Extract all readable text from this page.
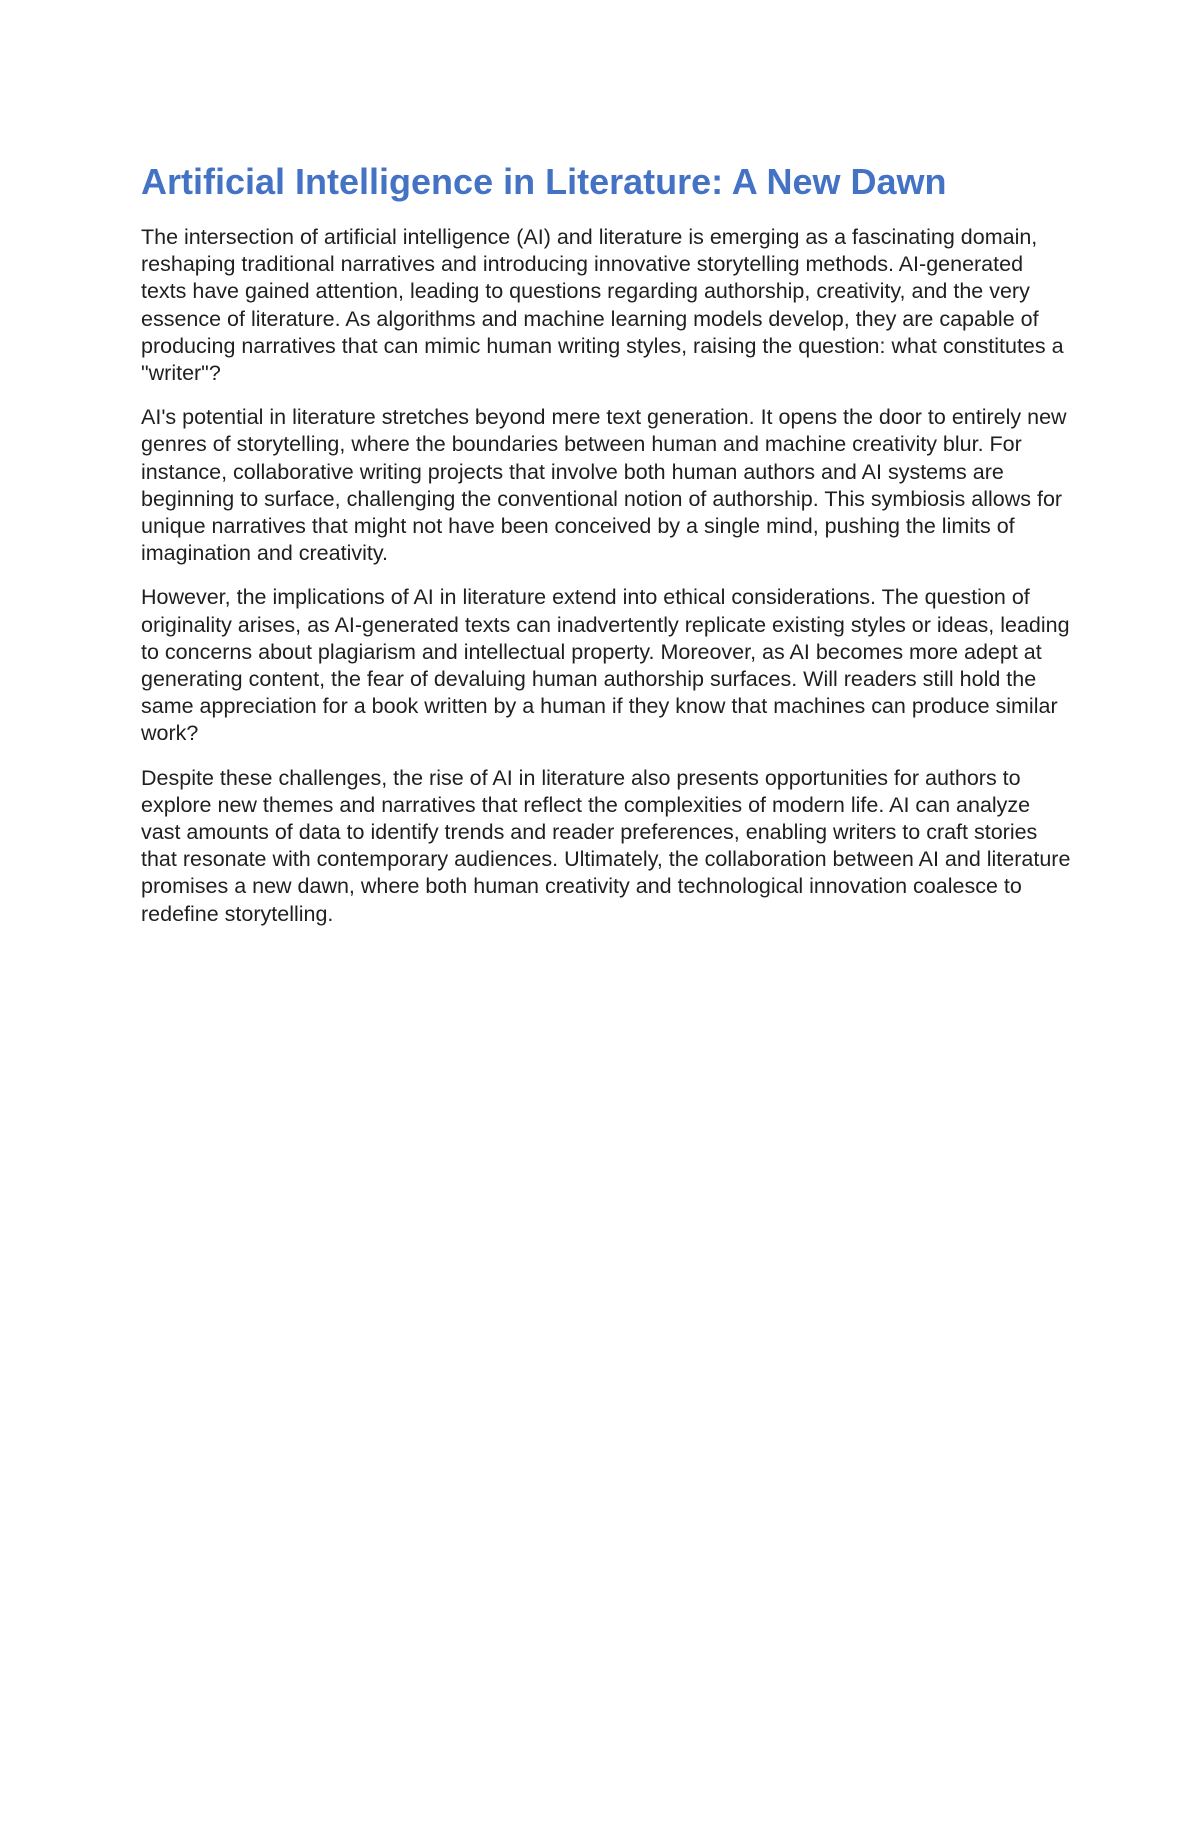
Artificial Intelligence in Literature: A New Dawn

The intersection of artificial intelligence (AI) and literature is emerging as a fascinating domain, reshaping traditional narratives and introducing innovative storytelling methods. AI-generated texts have gained attention, leading to questions regarding authorship, creativity, and the very essence of literature. As algorithms and machine learning models develop, they are capable of producing narratives that can mimic human writing styles, raising the question: what constitutes a "writer"?

AI's potential in literature stretches beyond mere text generation. It opens the door to entirely new genres of storytelling, where the boundaries between human and machine creativity blur. For instance, collaborative writing projects that involve both human authors and AI systems are beginning to surface, challenging the conventional notion of authorship. This symbiosis allows for unique narratives that might not have been conceived by a single mind, pushing the limits of imagination and creativity.

However, the implications of AI in literature extend into ethical considerations. The question of originality arises, as AI-generated texts can inadvertently replicate existing styles or ideas, leading to concerns about plagiarism and intellectual property. Moreover, as AI becomes more adept at generating content, the fear of devaluing human authorship surfaces. Will readers still hold the same appreciation for a book written by a human if they know that machines can produce similar work?

Despite these challenges, the rise of AI in literature also presents opportunities for authors to explore new themes and narratives that reflect the complexities of modern life. AI can analyze vast amounts of data to identify trends and reader preferences, enabling writers to craft stories that resonate with contemporary audiences. Ultimately, the collaboration between AI and literature promises a new dawn, where both human creativity and technological innovation coalesce to redefine storytelling.
